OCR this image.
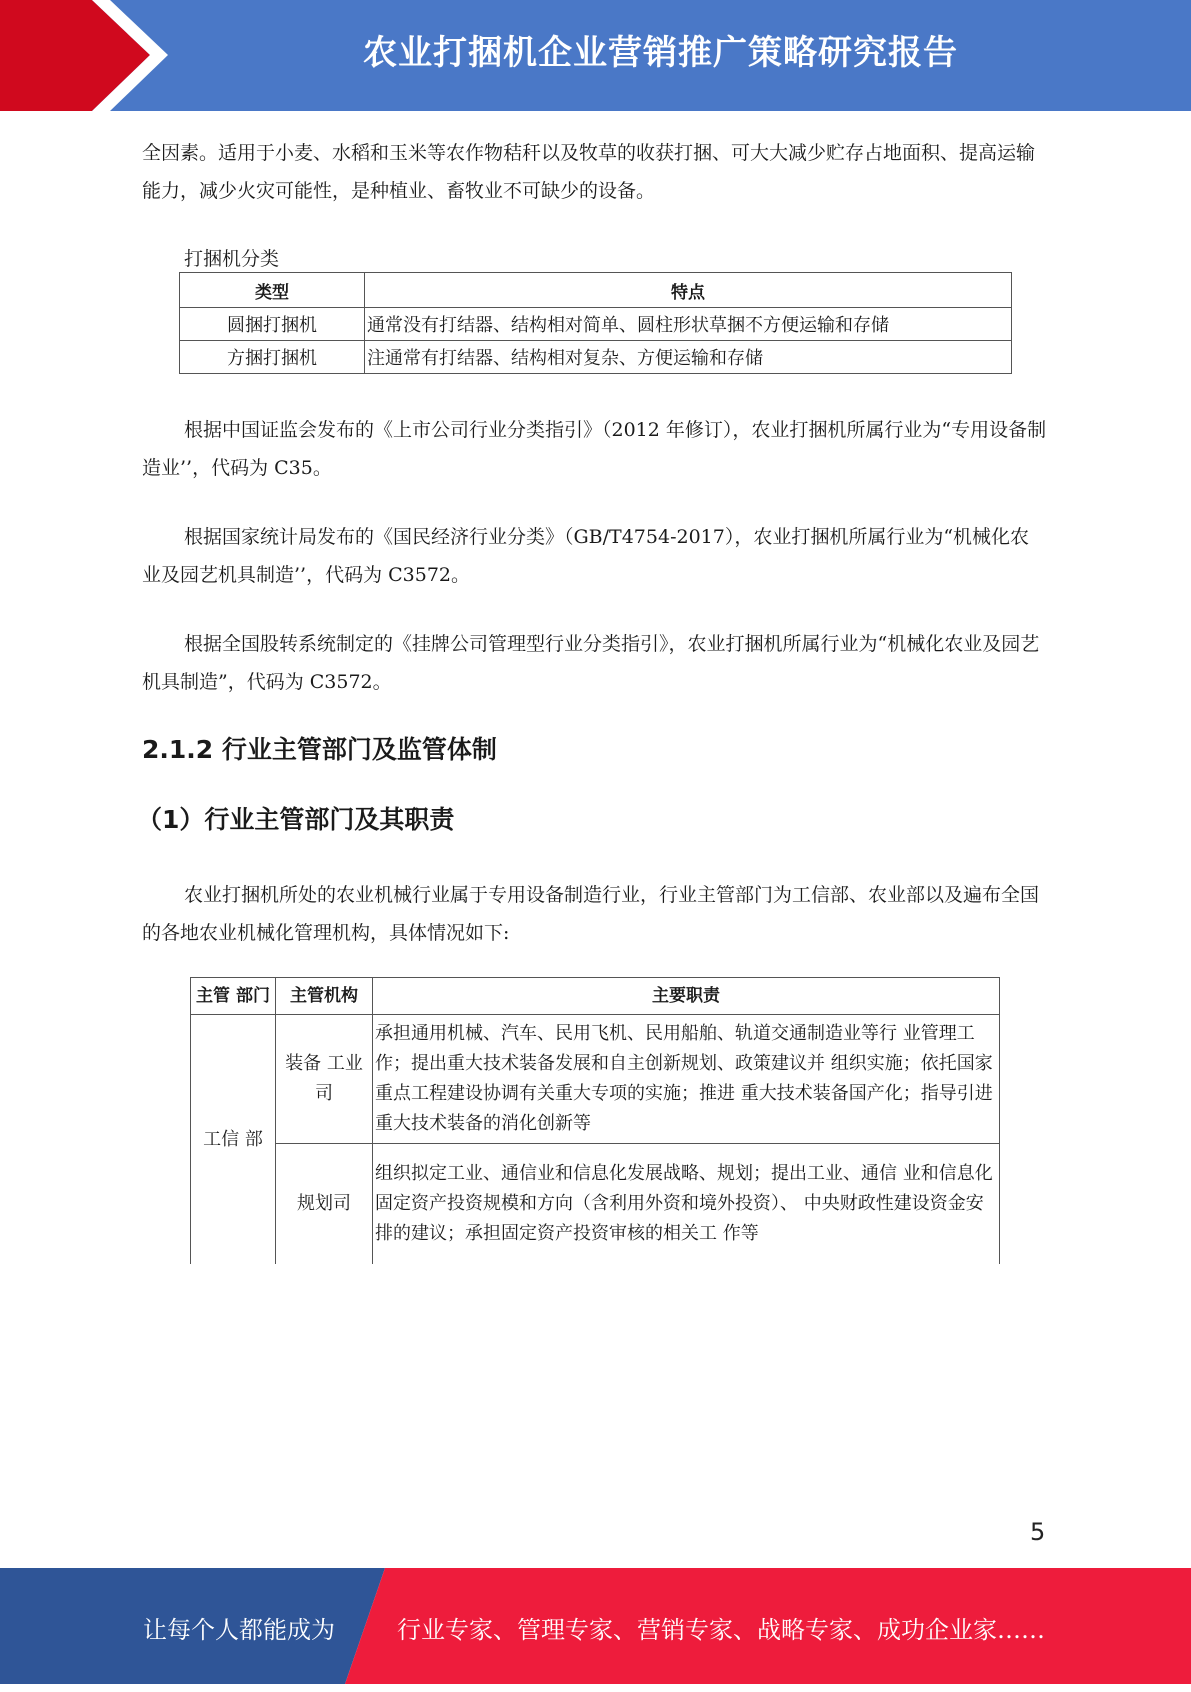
农业打捆机企业营销推广策略研究报告

全因素。适用于小麦、水稻和玉米等农作物秸秆以及牧草的收获打捆、可大大减少贮存占地面积、提高运输能力，减少火灾可能性，是种植业、畜牧业不可缺少的设备。

打捆机分类
类型	特点
圆捆打捆机	通常没有打结器、结构相对简单、圆柱形状草捆不方便运输和存储
方捆打捆机	注通常有打结器、结构相对复杂、方便运输和存储

根据中国证监会发布的《上市公司行业分类指引》（2012 年修订），农业打捆机所属行业为“专用设备制造业’’，代码为 C35。

根据国家统计局发布的《国民经济行业分类》（GB/T4754-2017），农业打捆机所属行业为“机械化农业及园艺机具制造’’，代码为 C3572。

根据全国股转系统制定的《挂牌公司管理型行业分类指引》，农业打捆机所属行业为“机械化农业及园艺机具制造”，代码为 C3572。

2.1.2 行业主管部门及监管体制
（1）行业主管部门及其职责

农业打捆机所处的农业机械行业属于专用设备制造行业，行业主管部门为工信部、农业部以及遍布全国的各地农业机械化管理机构，具体情况如下:

主管 部门	主管机构	主要职责
工信 部	装备 工业司	承担通用机械、汽车、民用飞机、民用船舶、轨道交通制造业等行 业管理工作；提出重大技术装备发展和自主创新规划、政策建议并 组织实施；依托国家重点工程建设协调有关重大专项的实施；推进 重大技术装备国产化；指导引进重大技术装备的消化创新等
	规划司	组织拟定工业、通信业和信息化发展战略、规划；提出工业、通信 业和信息化固定资产投资规模和方向（含利用外资和境外投资）、 中央财政性建设资金安排的建议；承担固定资产投资审核的相关工 作等
5
让每个人都能成为	行业专家、管理专家、营销专家、战略专家、成功企业家……
